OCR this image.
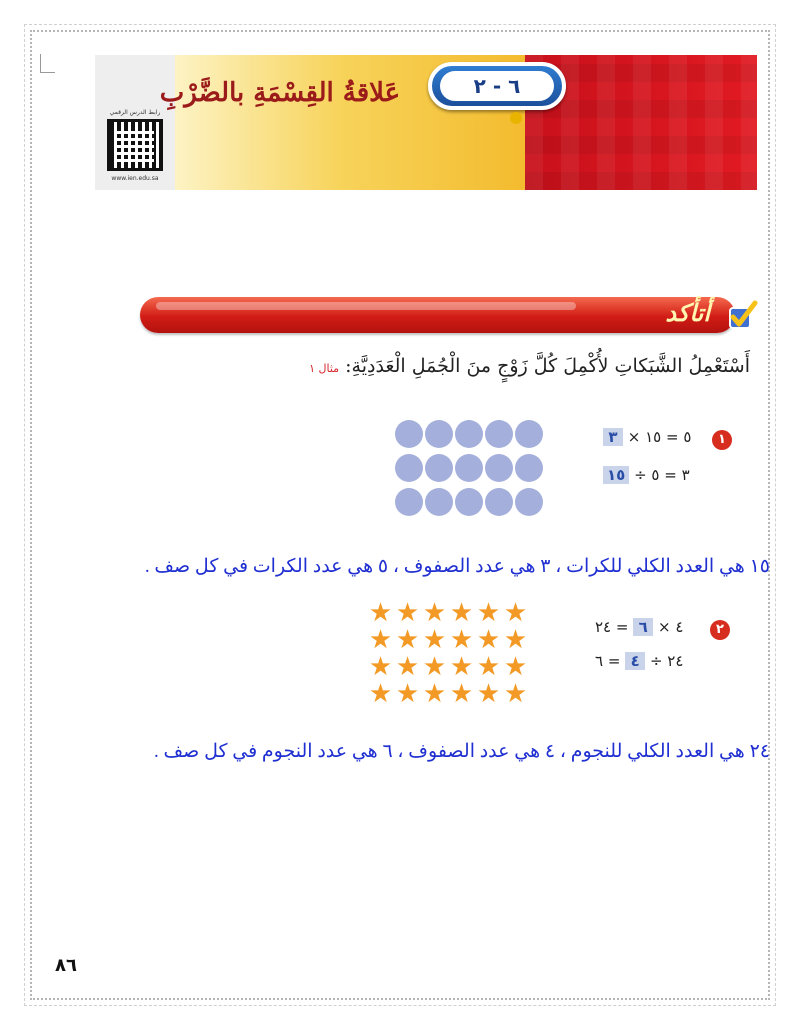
رابط الدرس الرقمي
www.ien.edu.sa
عَلاقةُ القِسْمَةِ بالضَّرْبِ	٦ - ٢
أتأكد
أَسْتَعْمِلُ الشَّبَكاتِ لأُكْمِلَ كُلَّ زَوْجٍ منَ الْجُمَلِ الْعَدَدِيَّةِ: مثال ١
١
٣ × ٥ = ١٥
١٥ ÷ ٣ = ٥
١٥ هي العدد الكلي للكرات ، ٣ هي عدد الصفوف ، ٥ هي عدد الكرات في كل صف .
٢
٤ × ٦ = ٢٤
٢٤ ÷ ٤ = ٦
★ ★ ★ ★ ★ ★
★ ★ ★ ★ ★ ★
★ ★ ★ ★ ★ ★
★ ★ ★ ★ ★ ★
٢٤ هي العدد الكلي للنجوم ، ٤ هي عدد الصفوف ، ٦ هي عدد النجوم في كل صف .
٨٦
